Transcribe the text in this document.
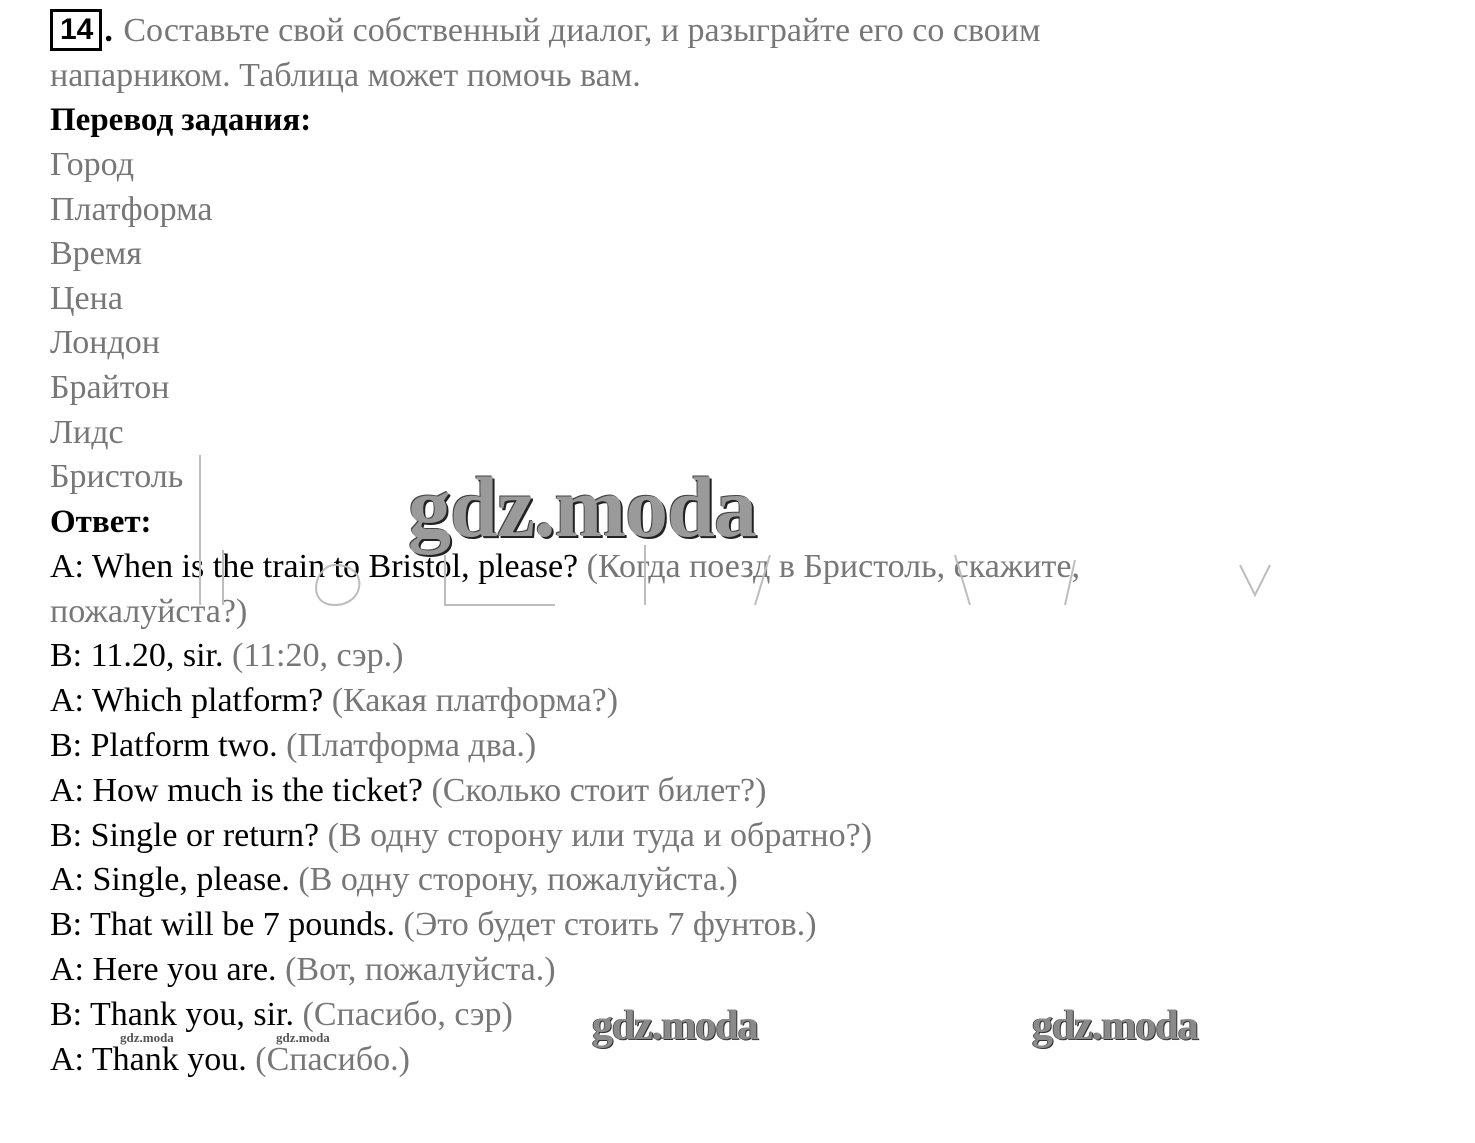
14 . Составьте свой собственный диалог, и разыграйте его со своим
напарником. Таблица может помочь вам.
Перевод задания:
Город
Платформа
Время
Цена
Лондон
Брайтон
Лидс
Бристоль
Ответ:
A: When is the train to Bristol, please? (Когда поезд в Бристоль, скажите,
пожалуйста?)
B: 11.20, sir. (11:20, сэр.)
A: Which platform? (Какая платформа?)
B: Platform two. (Платформа два.)
A: How much is the ticket? (Сколько стоит билет?)
B: Single or return? (В одну сторону или туда и обратно?)
A: Single, please. (В одну сторону, пожалуйста.)
B: That will be 7 pounds. (Это будет стоить 7 фунтов.)
A: Here you are. (Вот, пожалуйста.)
B: Thank you, sir. (Спасибо, сэр)
A: Thank you. (Спасибо.)
gdz.moda
gdz.moda	gdz.moda
gdz.moda	gdz.moda
